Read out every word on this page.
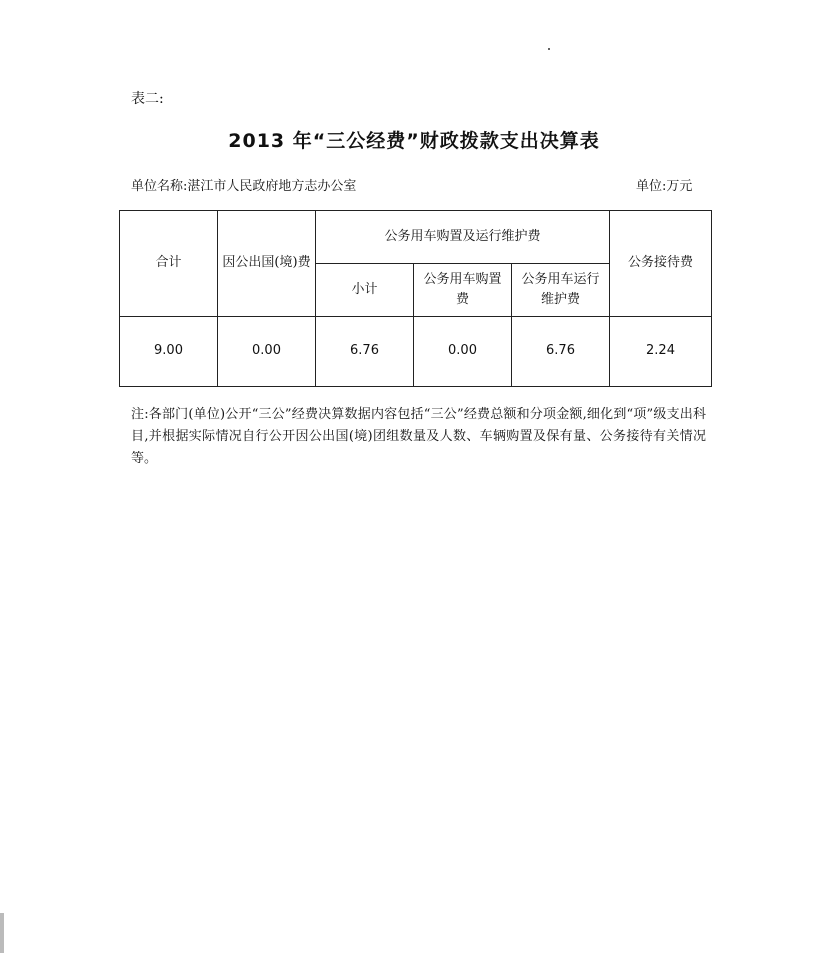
表二:
2013 年“三公经费”财政拨款支出决算表
单位名称:湛江市人民政府地方志办公室	单位:万元
合计	因公出国(境)费	公务用车购置及运行维护费			公务接待费
		小计	公务用车购置费	公务用车运行维护费	
9.00	0.00	6.76	0.00	6.76	2.24
注:各部门(单位)公开“三公”经费决算数据内容包括“三公”经费总额和分项金额,细化到“项”级支出科目,并根据实际情况自行公开因公出国(境)团组数量及人数、车辆购置及保有量、公务接待有关情况等。
